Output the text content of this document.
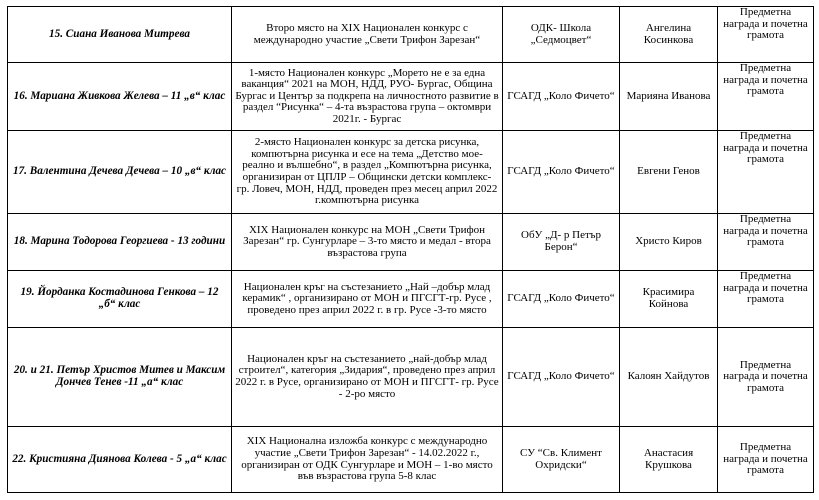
15. Сиана Иванова Митрева	Второ място на XIX Национален конкурс с международно участие „Свети Трифон Зарезан“	ОДК- Школа „Седмоцвет“	Ангелина Косинкова	Предметна награда и почетна грамота
16. Мариана Живкова Желева – 11 „в“ клас	1-място Национален конкурс „Морето не е за една ваканция“ 2021 на МОН, НДД, РУО- Бургас, Община Бургас и Център за подкрепа на личностното развитие в раздел “Рисунка“ – 4-та възрастова група – октомври 2021г. - Бургас	ГСАГД „Коло Фичето“	Марияна Иванова	Предметна награда и почетна грамота
17. Валентина Дечева Дечева – 10 „в“ клас	2-място Национален конкурс за детска рисунка, компютърна рисунка и есе на тема „Детство мое- реално и вълшебно“, в раздел „Компютърна рисунка, организиран от ЦПЛР – Общински детски комплекс- гр. Ловеч, МОН, НДД, проведен през месец април 2022 г.компютърна рисунка	ГСАГД „Коло Фичето“	Евгени Генов	Предметна награда и почетна грамота
18. Марина Тодорова Георгиева - 13 години	XIX Национален конкурс на МОН „Свети Трифон Зарезан“ гр. Сунгурларе – 3-то място и медал - втора възрастова група	ОбУ „Д- р Петър Берон“	Христо Киров	Предметна награда и почетна грамота
19. Йорданка Костадинова Генкова – 12 „б“ клас	Национален кръг на състезанието „Най –добър млад керамик“ , организирано от МОН и ПГСГТ-гр. Русе , проведено през април 2022 г. в гр. Русе -3-то място	ГСАГД „Коло Фичето“	Красимира Койнова	Предметна награда и почетна грамота
20. и 21. Петър Христов Митев и Максим Дончев Тенев -11 „а“ клас	Национален кръг на състезанието „най-добър млад строител“, категория „Зидария“, проведено през април 2022 г. в Русе, организирано от МОН и ПГСГТ- гр. Русе - 2-ро място	ГСАГД „Коло Фичето“	Калоян Хайдутов	Предметна награда и почетна грамота
22. Кристияна Диянова Колева - 5 „а“ клас	XIX Национална изложба конкурс с международно участие „Свети Трифон Зарезан“ - 14.02.2022 г., организиран от ОДК Сунгурларе и МОН – 1-во място във възрастова група 5-8 клас	СУ “Св. Климент Охридски“	Анастасия Крушкова	Предметна награда и почетна грамота
